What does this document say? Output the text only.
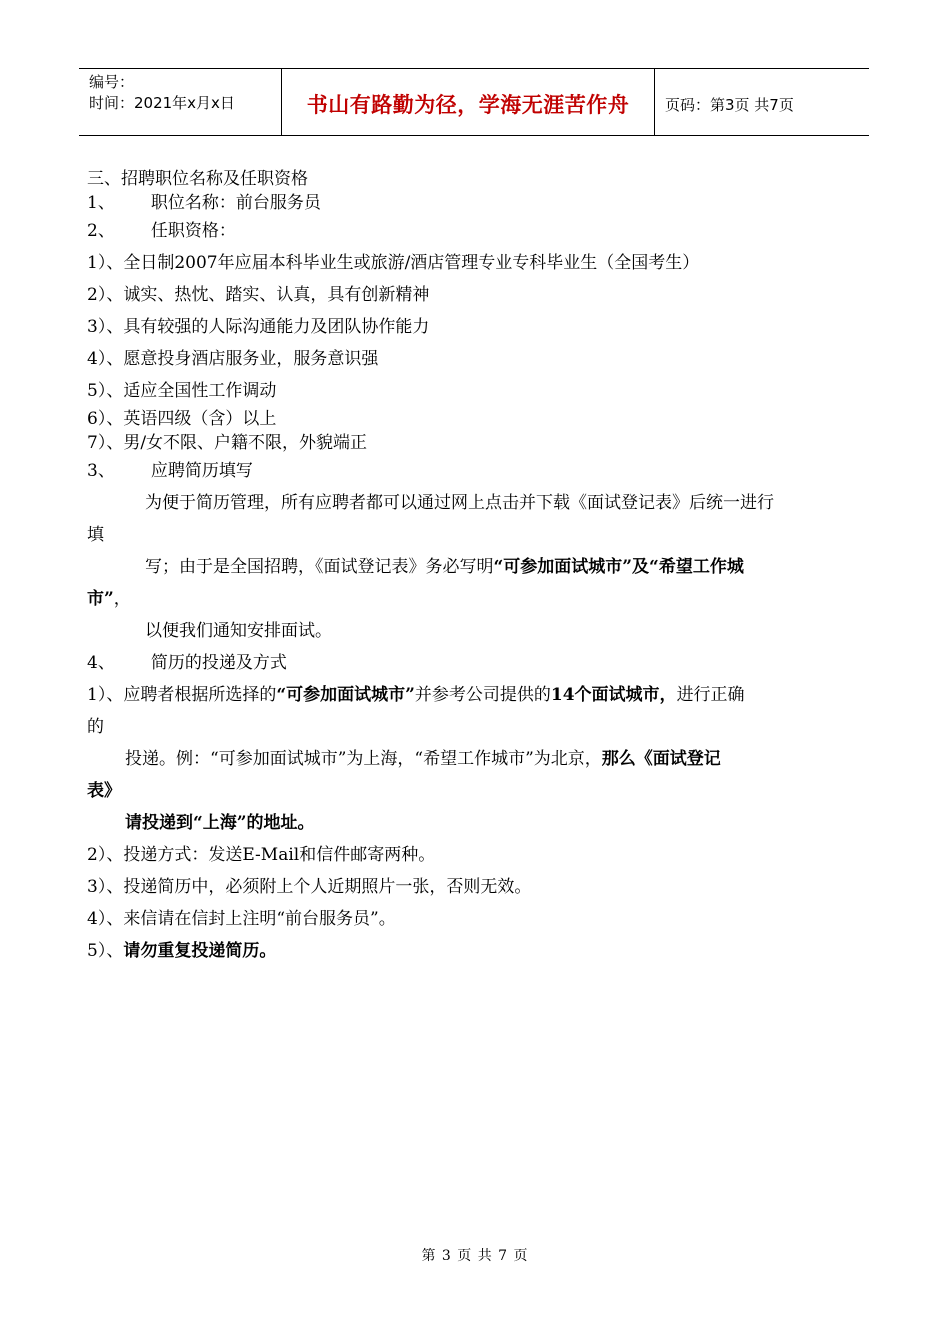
编号：
时间：2021年x月x日	书山有路勤为径，学海无涯苦作舟	页码：第3页 共7页
三、招聘职位名称及任职资格
1、 职位名称：前台服务员
2、 任职资格：
1）、全日制2007年应届本科毕业生或旅游/酒店管理专业专科毕业生（全国考生）
2）、诚实、热忱、踏实、认真，具有创新精神
3）、具有较强的人际沟通能力及团队协作能力
4）、愿意投身酒店服务业，服务意识强
5）、适应全国性工作调动
6）、英语四级（含）以上
7）、男/女不限、户籍不限，外貌端正
3、 应聘简历填写
为便于简历管理，所有应聘者都可以通过网上点击并下载《面试登记表》后统一进行
填
写；由于是全国招聘，《面试登记表》务必写明“可参加面试城市”及“希望工作城
市”，
以便我们通知安排面试。
4、 简历的投递及方式
1）、应聘者根据所选择的“可参加面试城市”并参考公司提供的14个面试城市，进行正确
的
投递。例：“可参加面试城市”为上海，“希望工作城市”为北京，那么《面试登记
表》
请投递到“上海”的地址。
2）、投递方式：发送E-Mail和信件邮寄两种。
3）、投递简历中，必须附上个人近期照片一张，否则无效。
4）、来信请在信封上注明“前台服务员”。
5）、请勿重复投递简历。
第 3 页 共 7 页
